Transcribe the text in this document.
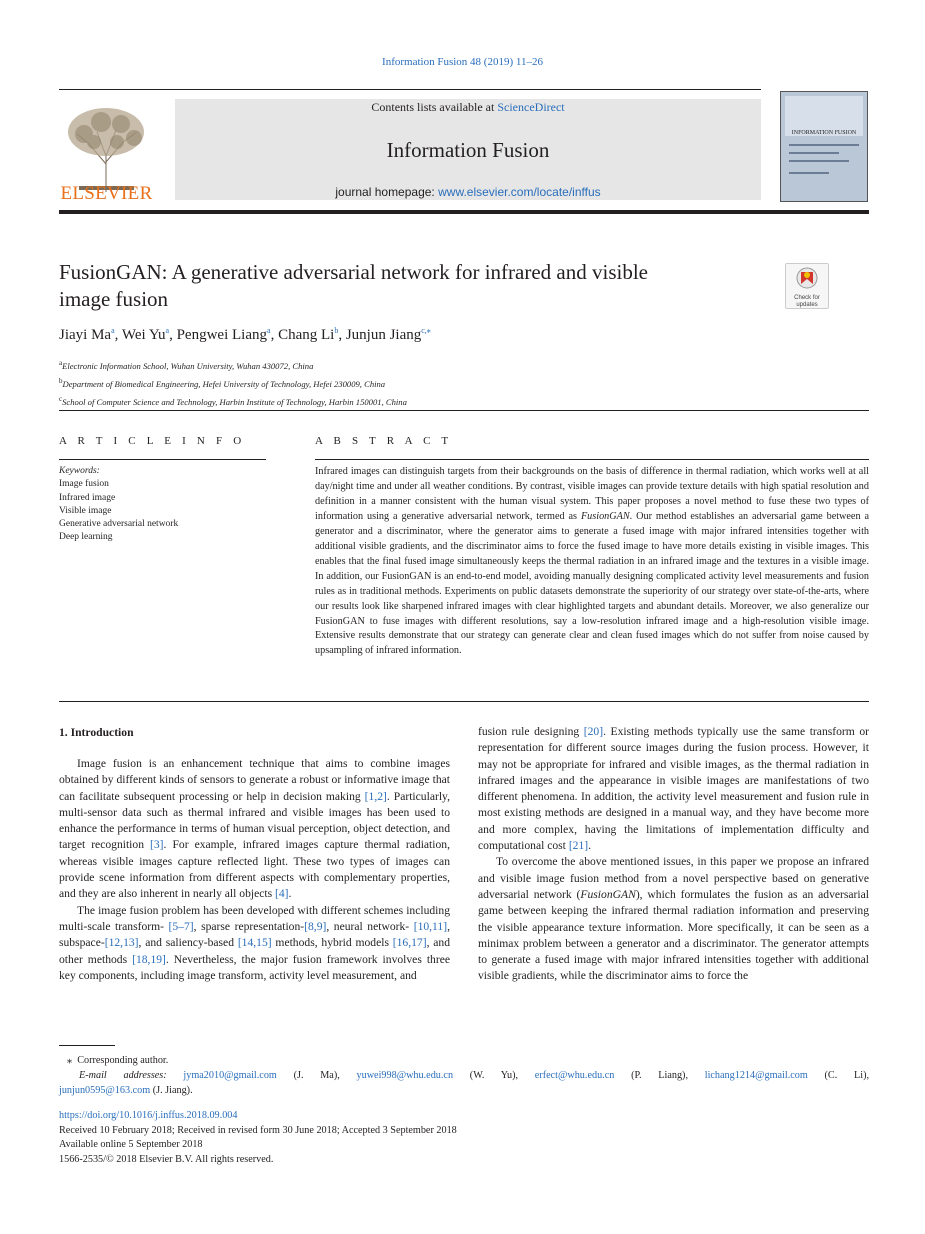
Information Fusion 48 (2019) 11–26
ELSEVIER
Contents lists available at ScienceDirect
Information Fusion
journal homepage: www.elsevier.com/locate/inffus
INFORMATION FUSION
FusionGAN: A generative adversarial network for infrared and visible
image fusion	Check for
updates
Jiayi Ma$^a$, Wei Yu$^a$, Pengwei Liang$^a$, Chang Li$^b$, Junjun Jiang$^{c,⁎}$
$^a$Electronic Information School, Wuhan University, Wuhan 430072, China
$^b$Department of Biomedical Engineering, Hefei University of Technology, Hefei 230009, China
$^c$School of Computer Science and Technology, Harbin Institute of Technology, Harbin 150001, China
A R T I C L E I N F O
Keywords:
Image fusion
Infrared image
Visible image
Generative adversarial network
Deep learning
A B S T R A C T
Infrared images can distinguish targets from their backgrounds on the basis of difference in thermal radiation, which works well at all day/night time and under all weather conditions. By contrast, visible images can provide texture details with high spatial resolution and definition in a manner consistent with the human visual system. This paper proposes a novel method to fuse these two types of information using a generative adversarial network, termed as FusionGAN. Our method establishes an adversarial game between a generator and a discriminator, where the generator aims to generate a fused image with major infrared intensities together with additional visible gradients, and the discriminator aims to force the fused image to have more details existing in visible images. This enables that the final fused image simultaneously keeps the thermal radiation in an infrared image and the textures in a visible image. In addition, our FusionGAN is an end-to-end model, avoiding manually designing complicated activity level measurements and fusion rules as in traditional methods. Experiments on public datasets demonstrate the superiority of our strategy over state-of-the-arts, where our results look like sharpened infrared images with clear highlighted targets and abundant details. Moreover, we also generalize our FusionGAN to fuse images with different resolutions, say a low-resolution infrared image and a high-resolution visible image. Extensive results demonstrate that our strategy can generate clear and clean fused images which do not suffer from noise caused by upsampling of infrared information.
1. Introduction

Image fusion is an enhancement technique that aims to combine images obtained by different kinds of sensors to generate a robust or informative image that can facilitate subsequent processing or help in decision making [1,2]. Particularly, multi-sensor data such as thermal infrared and visible images has been used to enhance the performance in terms of human visual perception, object detection, and target recognition [3]. For example, infrared images capture thermal radiation, whereas visible images capture reflected light. These two types of images can provide scene information from different aspects with complementary properties, and they are also inherent in nearly all objects [4].

The image fusion problem has been developed with different schemes including multi-scale transform- [5–7], sparse representation-[8,9], neural network- [10,11], subspace-[12,13], and saliency-based [14,15] methods, hybrid models [16,17], and other methods [18,19]. Nevertheless, the major fusion framework involves three key components, including image transform, activity level measurement, and

fusion rule designing [20]. Existing methods typically use the same transform or representation for different source images during the fusion process. However, it may not be appropriate for infrared and visible images, as the thermal radiation in infrared images and the appearance in visible images are manifestations of two different phenomena. In addition, the activity level measurement and fusion rule in most existing methods are designed in a manual way, and they have become more and more complex, having the limitations of implementation difficulty and computational cost [21].

To overcome the above mentioned issues, in this paper we propose an infrared and visible image fusion method from a novel perspective based on generative adversarial network (FusionGAN), which formulates the fusion as an adversarial game between keeping the infrared thermal radiation information and preserving the visible appearance texture information. More specifically, it can be seen as a minimax problem between a generator and a discriminator. The generator attempts to generate a fused image with major infrared intensities together with additional visible gradients, while the discriminator aims to force the

⁎ Corresponding author.
E-mail addresses: jyma2010@gmail.com (J. Ma), yuwei998@whu.edu.cn (W. Yu), erfect@whu.edu.cn (P. Liang), lichang1214@gmail.com (C. Li),
junjun0595@163.com (J. Jiang).
https://doi.org/10.1016/j.inffus.2018.09.004
Received 10 February 2018; Received in revised form 30 June 2018; Accepted 3 September 2018
Available online 5 September 2018
1566-2535/© 2018 Elsevier B.V. All rights reserved.
